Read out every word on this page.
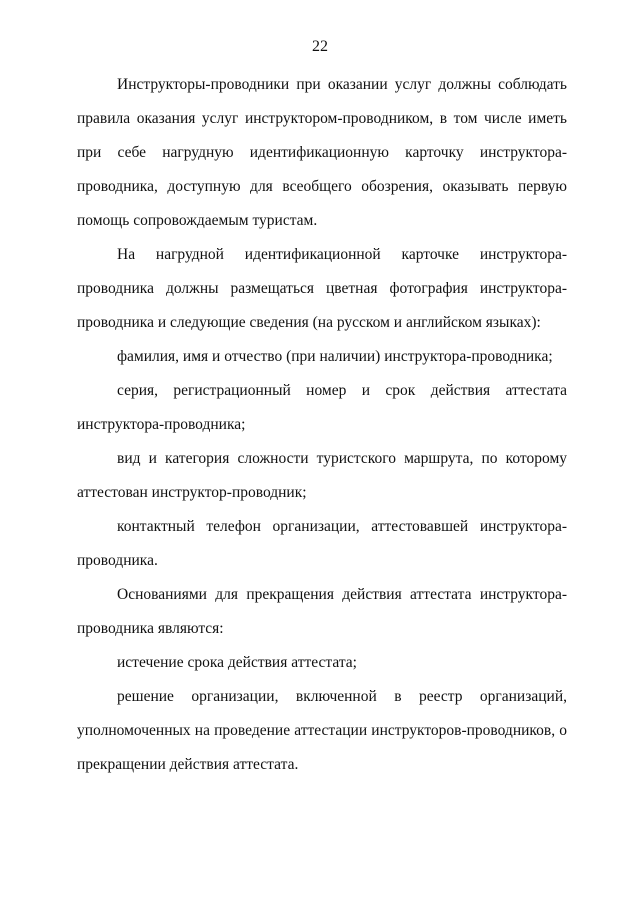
22

Инструкторы-проводники при оказании услуг должны соблюдать правила оказания услуг инструктором-проводником, в том числе иметь при себе нагрудную идентификационную карточку инструктора-проводника, доступную для всеобщего обозрения, оказывать первую помощь сопровождаемым туристам.

На нагрудной идентификационной карточке инструктора-проводника должны размещаться цветная фотография инструктора-проводника и следующие сведения (на русском и английском языках):

фамилия, имя и отчество (при наличии) инструктора-проводника;

серия, регистрационный номер и срок действия аттестата инструктора-проводника;

вид и категория сложности туристского маршрута, по которому аттестован инструктор-проводник;

контактный телефон организации, аттестовавшей инструктора-проводника.

Основаниями для прекращения действия аттестата инструктора-проводника являются:

истечение срока действия аттестата;

решение организации, включенной в реестр организаций, уполномоченных на проведение аттестации инструкторов-проводников, о прекращении действия аттестата.
